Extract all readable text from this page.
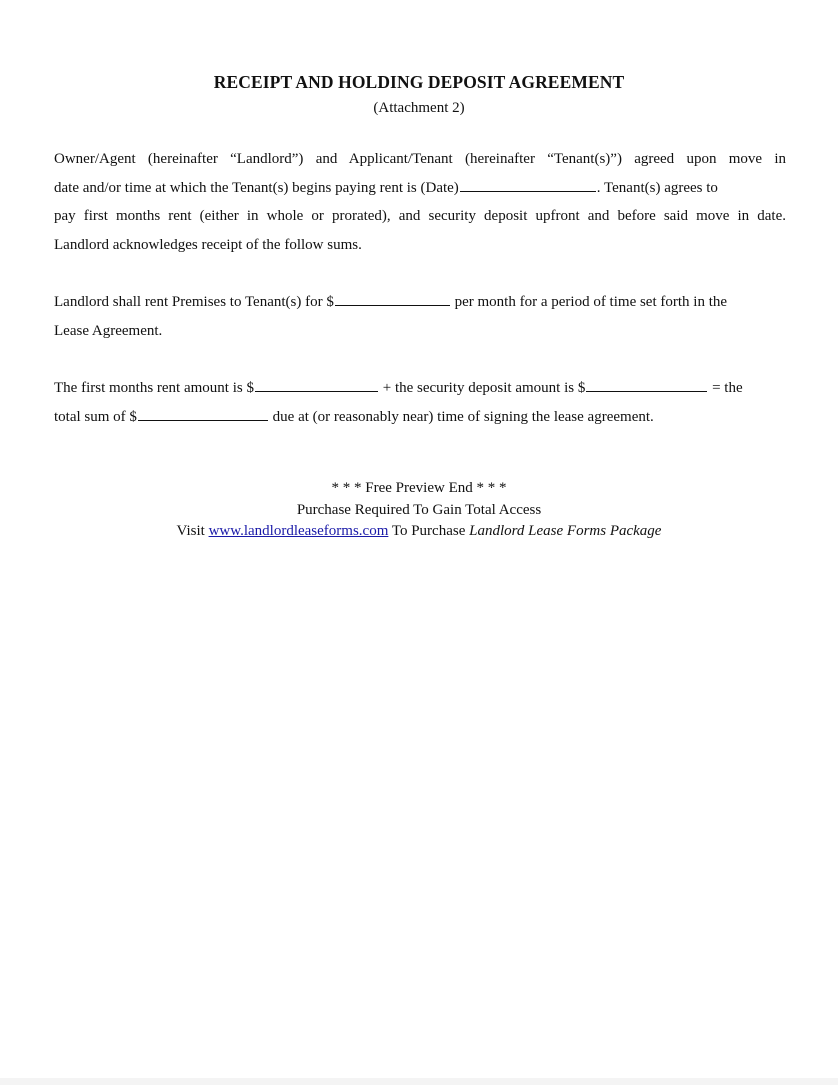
RECEIPT AND HOLDING DEPOSIT AGREEMENT

(Attachment 2)

Owner/Agent (hereinafter “Landlord”) and Applicant/Tenant (hereinafter “Tenant(s)”) agreed upon move in
date and/or time at which the Tenant(s) begins paying rent is (Date)	. Tenant(s) agrees to
pay first months rent (either in whole or prorated), and security deposit upfront and before said move in date.
Landlord acknowledges receipt of the follow sums.
Landlord shall rent Premises to Tenant(s) for $	per month for a period of time set forth in the
Lease Agreement.
The first months rent amount is $	+ the security deposit amount is $	= the
total sum of $	due at (or reasonably near) time of signing the lease agreement.
* * * Free Preview End * * *
Purchase Required To Gain Total Access
Visit www.landlordleaseforms.com To Purchase Landlord Lease Forms Package
